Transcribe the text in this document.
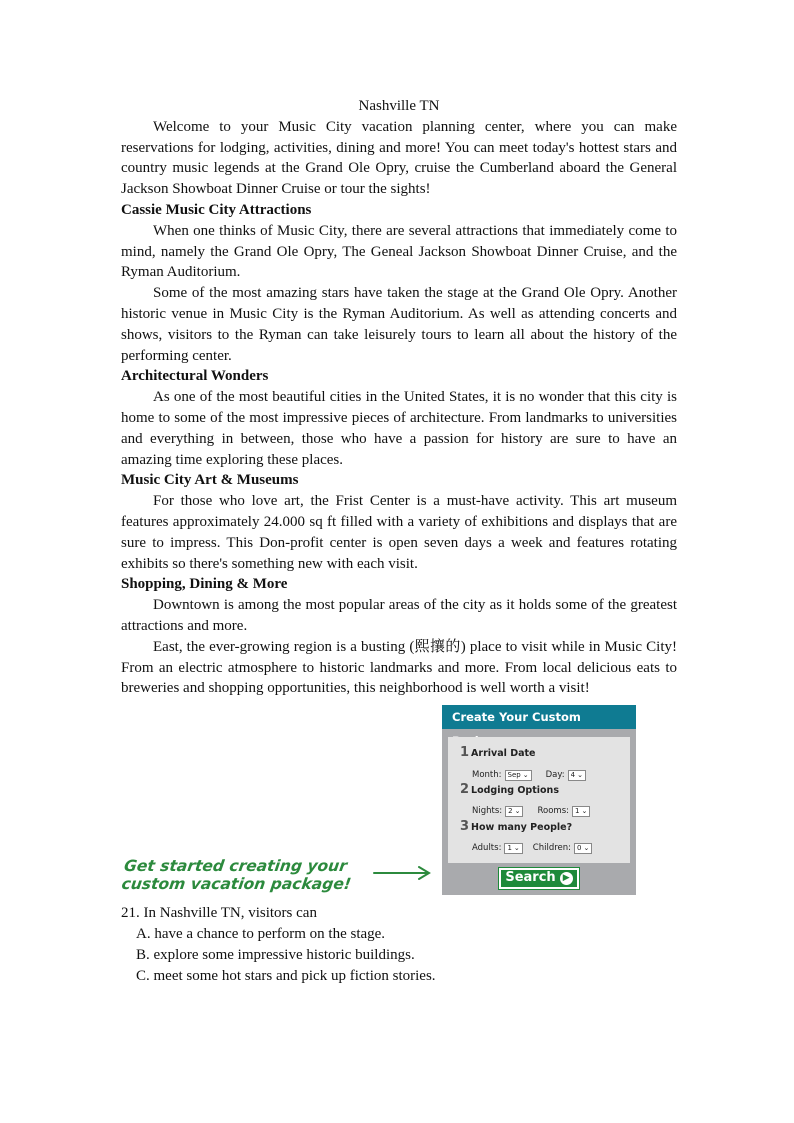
Nashville TN

Welcome to your Music City vacation planning center, where you can make reservations for lodging, activities, dining and more! You can meet today's hottest stars and country music legends at the Grand Ole Opry, cruise the Cumberland aboard the General Jackson Showboat Dinner Cruise or tour the sights!

Cassie Music City Attractions

When one thinks of Music City, there are several attractions that immediately come to mind, namely the Grand Ole Opry, The Geneal Jackson Showboat Dinner Cruise, and the Ryman Auditorium.

Some of the most amazing stars have taken the stage at the Grand Ole Opry. Another historic venue in Music City is the Ryman Auditorium. As well as attending concerts and shows, visitors to the Ryman can take leisurely tours to learn all about the history of the performing center.

Architectural Wonders

As one of the most beautiful cities in the United States, it is no wonder that this city is home to some of the most impressive pieces of architecture. From landmarks to universities and everything in between, those who have a passion for history are sure to have an amazing time exploring these places.

Music City Art & Museums

For those who love art, the Frist Center is a must-have activity. This art museum features approximately 24.000 sq ft filled with a variety of exhibitions and displays that are sure to impress. This Don-profit center is open seven days a week and features rotating exhibits so there's something new with each visit.

Shopping, Dining & More

Downtown is among the most popular areas of the city as it holds some of the greatest attractions and more.

East, the ever-growing region is a busting (熙攘的) place to visit while in Music City! From an electric atmosphere to historic landmarks and more. From local delicious eats to breweries and shopping opportunities, this neighborhood is well worth a visit!

Get started creating your
custom vacation package!
Create Your Custom
1 Arrival Date
Month: Sep ⌄	Day: 4 ⌄
2 Lodging Options
Nights: 2 ⌄	Rooms: 1 ⌄
3 How many People?
Adults: 1 ⌄	Children: 0 ⌄
Search ▶
21. In Nashville TN, visitors can
A. have a chance to perform on the stage.
B. explore some impressive historic buildings.
C. meet some hot stars and pick up fiction stories.
